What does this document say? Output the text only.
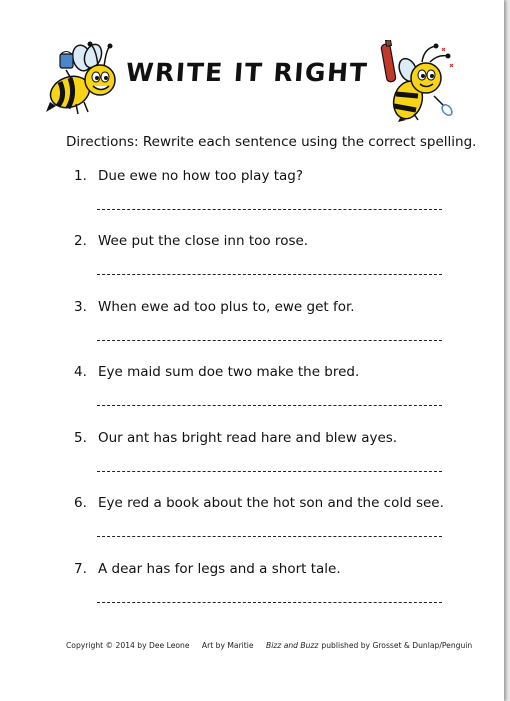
WRITE IT RIGHT
Directions: Rewrite each sentence using the correct spelling.
1. Due ewe no how too play tag?
2. Wee put the close inn too rose.
3. When ewe ad too plus to, ewe get for.
4. Eye maid sum doe two make the bred.
5. Our ant has bright read hare and blew ayes.
6. Eye red a book about the hot son and the cold see.
7. A dear has for legs and a short tale.
Copyright © 2014 by Dee Leone Art by Maritie Bizz and Buzz published by Grosset & Dunlap/Penguin
